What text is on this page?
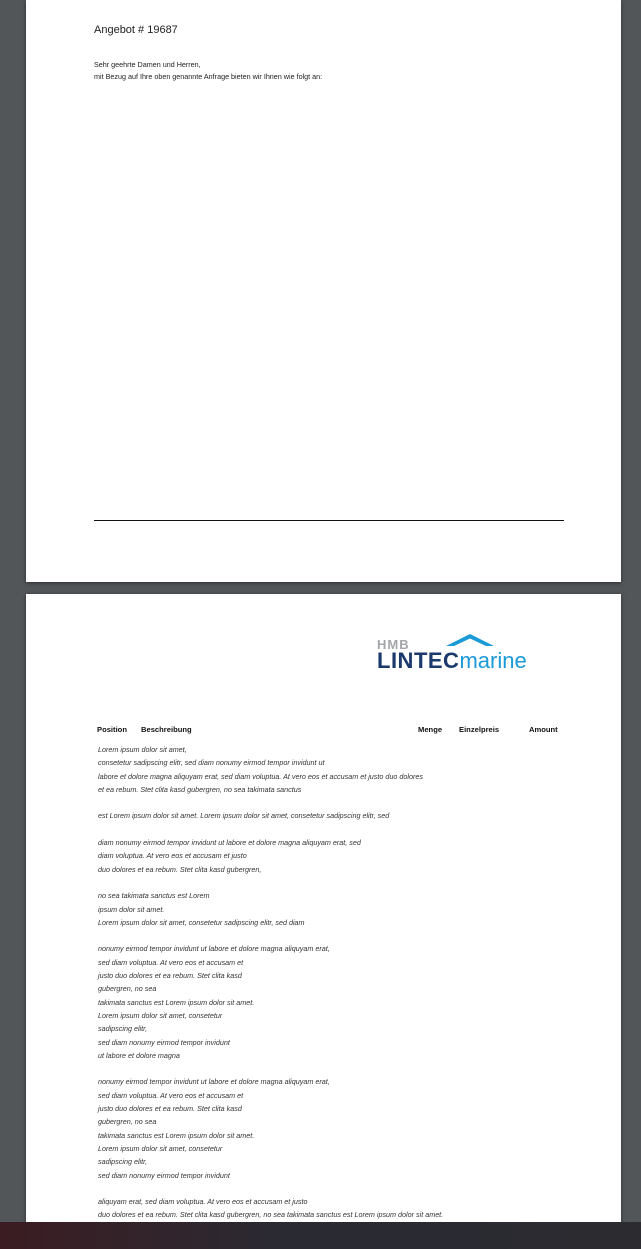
Angebot # 19687
Sehr geehrte Damen und Herren,
mit Bezug auf Ihre oben genannte Anfrage bieten wir Ihnen wie folgt an:
HMB
LINTECmarine
Position Beschreibung	Menge Einzelpreis	Amount
Lorem ipsum dolor sit amet,
consetetur sadipscing elitr, sed diam nonumy eirmod tempor invidunt ut
labore et dolore magna aliquyam erat, sed diam voluptua. At vero eos et accusam et justo duo dolores
et ea rebum. Stet clita kasd gubergren, no sea takimata sanctus
est Lorem ipsum dolor sit amet. Lorem ipsum dolor sit amet, consetetur sadipscing elitr, sed
diam nonumy eirmod tempor invidunt ut labore et dolore magna aliquyam erat, sed
diam voluptua. At vero eos et accusam et justo
duo dolores et ea rebum. Stet clita kasd gubergren,
no sea takimata sanctus est Lorem
ipsum dolor sit amet.
Lorem ipsum dolor sit amet, consetetur sadipscing elitr, sed diam
nonumy eirmod tempor invidunt ut labore et dolore magna aliquyam erat,
sed diam voluptua. At vero eos et accusam et
justo duo dolores et ea rebum. Stet clita kasd
gubergren, no sea
takimata sanctus est Lorem ipsum dolor sit amet.
Lorem ipsum dolor sit amet, consetetur
sadipscing elitr,
sed diam nonumy eirmod tempor invidunt
ut labore et dolore magna
nonumy eirmod tempor invidunt ut labore et dolore magna aliquyam erat,
sed diam voluptua. At vero eos et accusam et
justo duo dolores et ea rebum. Stet clita kasd
gubergren, no sea
takimata sanctus est Lorem ipsum dolor sit amet.
Lorem ipsum dolor sit amet, consetetur
sadipscing elitr,
sed diam nonumy eirmod tempor invidunt
aliquyam erat, sed diam voluptua. At vero eos et accusam et justo
duo dolores et ea rebum. Stet clita kasd gubergren, no sea takimata sanctus est Lorem ipsum dolor sit amet.
